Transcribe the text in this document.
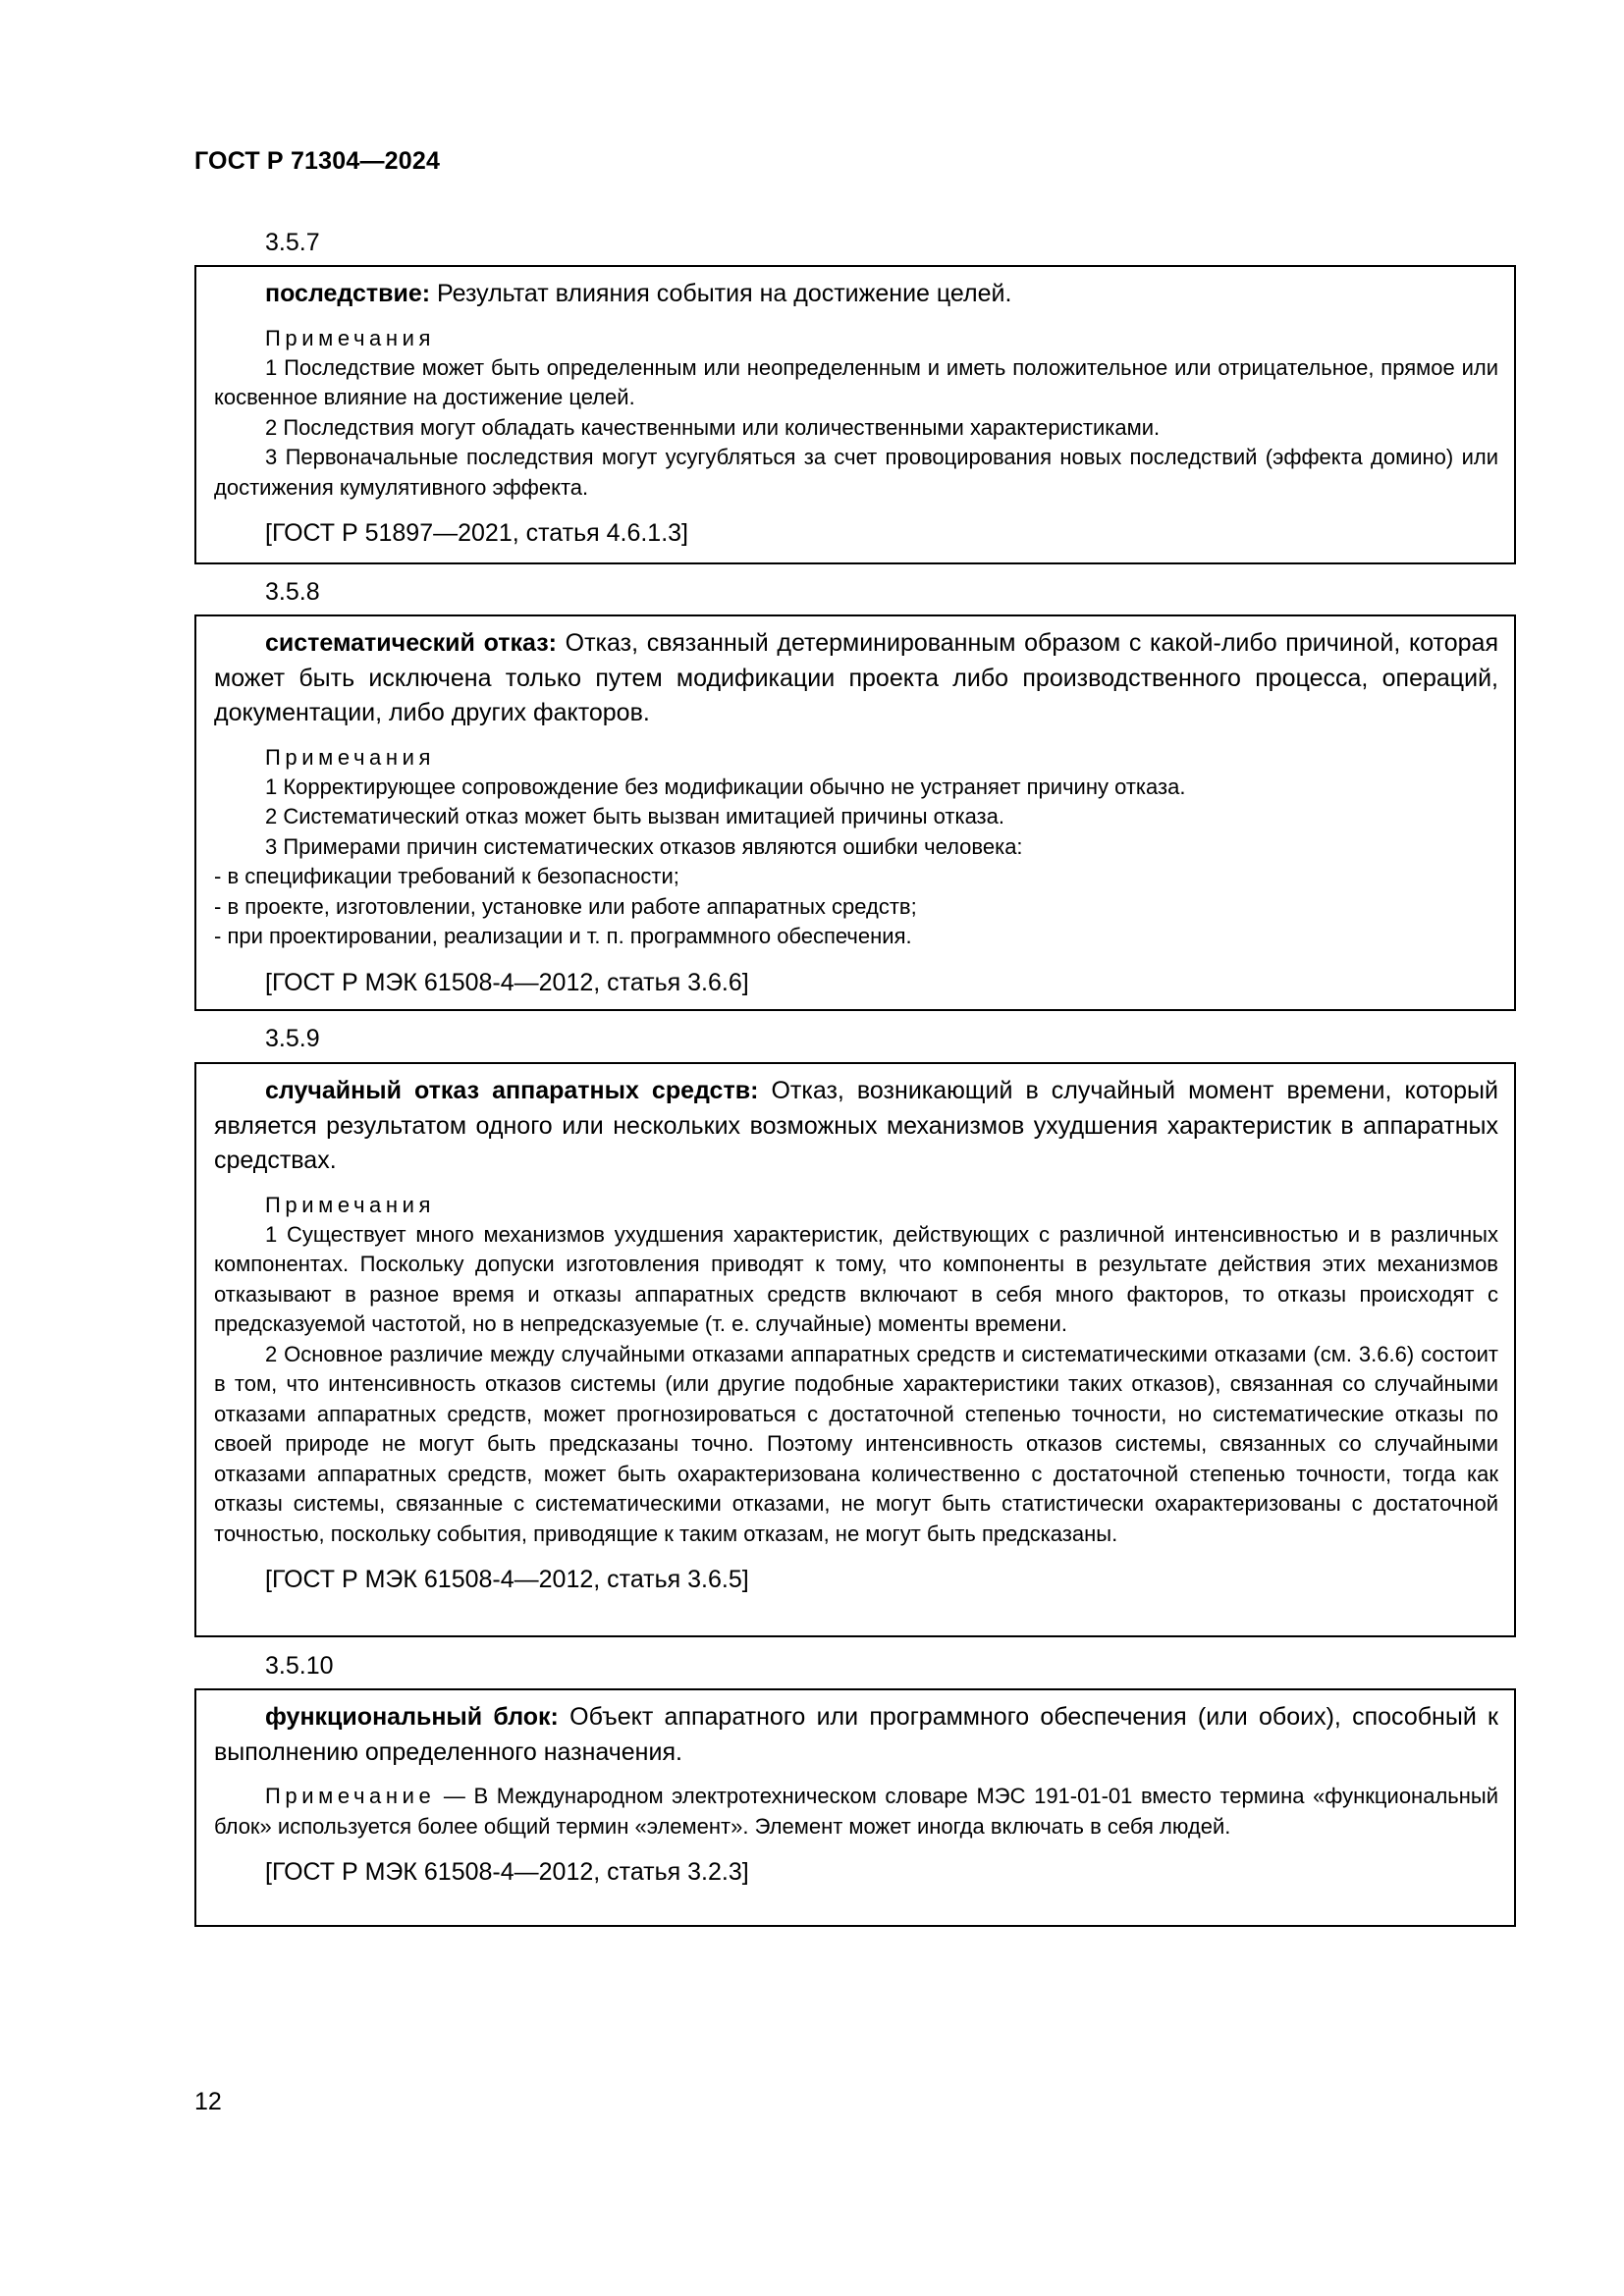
ГОСТ Р 71304—2024
3.5.7

последствие: Результат влияния события на достижение целей.

Примечания

1 Последствие может быть определенным или неопределенным и иметь положительное или отрицательное, прямое или косвенное влияние на достижение целей.

2 Последствия могут обладать качественными или количественными характеристиками.

3 Первоначальные последствия могут усугубляться за счет провоцирования новых последствий (эффекта домино) или достижения кумулятивного эффекта.

[ГОСТ Р 51897—2021, статья 4.6.1.3]

3.5.8

систематический отказ: Отказ, связанный детерминированным образом с какой-либо причиной, которая может быть исключена только путем модификации проекта либо производственного процесса, операций, документации, либо других факторов.

Примечания

1 Корректирующее сопровождение без модификации обычно не устраняет причину отказа.

2 Систематический отказ может быть вызван имитацией причины отказа.

3 Примерами причин систематических отказов являются ошибки человека:

- в спецификации требований к безопасности;

- в проекте, изготовлении, установке или работе аппаратных средств;

- при проектировании, реализации и т. п. программного обеспечения.

[ГОСТ Р МЭК 61508-4—2012, статья 3.6.6]

3.5.9

случайный отказ аппаратных средств: Отказ, возникающий в случайный момент времени, который является результатом одного или нескольких возможных механизмов ухудшения характеристик в аппаратных средствах.

Примечания

1 Существует много механизмов ухудшения характеристик, действующих с различной интенсивностью и в различных компонентах. Поскольку допуски изготовления приводят к тому, что компоненты в результате действия этих механизмов отказывают в разное время и отказы аппаратных средств включают в себя много факторов, то отказы происходят с предсказуемой частотой, но в непредсказуемые (т. е. случайные) моменты времени.

2 Основное различие между случайными отказами аппаратных средств и систематическими отказами (см. 3.6.6) состоит в том, что интенсивность отказов системы (или другие подобные характеристики таких отказов), связанная со случайными отказами аппаратных средств, может прогнозироваться с достаточной степенью точности, но систематические отказы по своей природе не могут быть предсказаны точно. Поэтому интенсивность отказов системы, связанных со случайными отказами аппаратных средств, может быть охарактеризована количественно с достаточной степенью точности, тогда как отказы системы, связанные с систематическими отказами, не могут быть статистически охарактеризованы с достаточной точностью, поскольку события, приводящие к таким отказам, не могут быть предсказаны.

[ГОСТ Р МЭК 61508-4—2012, статья 3.6.5]

3.5.10

функциональный блок: Объект аппаратного или программного обеспечения (или обоих), способный к выполнению определенного назначения.

Примечание — В Международном электротехническом словаре МЭС 191-01-01 вместо термина «функциональный блок» используется более общий термин «элемент». Элемент может иногда включать в себя людей.

[ГОСТ Р МЭК 61508-4—2012, статья 3.2.3]

12
